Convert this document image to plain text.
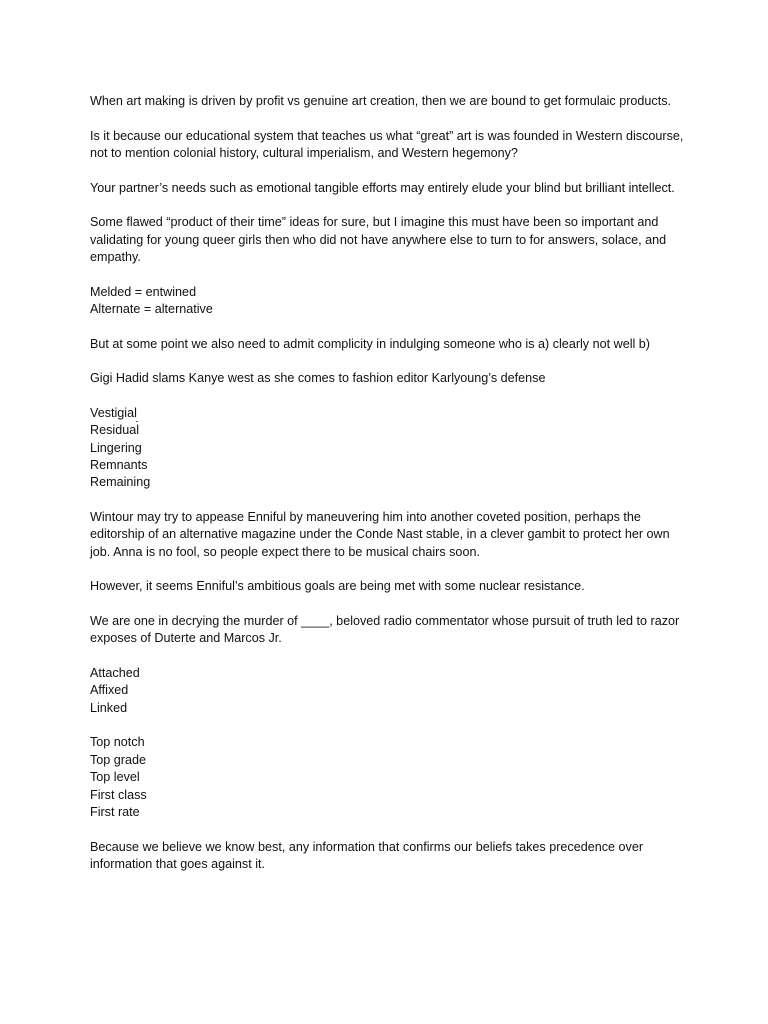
When art making is driven by profit vs genuine art creation, then we are bound to get formulaic products.

Is it because our educational system that teaches us what “great” art is was founded in Western discourse, not to mention colonial history, cultural imperialism, and Western hegemony?

Your partner’s needs such as emotional tangible efforts may entirely elude your blind but brilliant intellect.

Some flawed “product of their time” ideas for sure, but I imagine this must have been so important and validating for young queer girls then who did not have anywhere else to turn to for answers, solace, and empathy.

Melded = entwined
Alternate = alternative

But at some point we also need to admit complicity in indulging someone who is a) clearly not well b)

Gigi Hadid slams Kanye west as she comes to fashion editor Karlyoung’s defense

Vestigial
Residual
Lingering
Remnants
Remaining

Wintour may try to appease Enniful by maneuvering him into another coveted position, perhaps the editorship of an alternative magazine under the Conde Nast stable, in a clever gambit to protect her own job. Anna is no fool, so people expect there to be musical chairs soon.

However, it seems Enniful’s ambitious goals are being met with some nuclear resistance.

We are one in decrying the murder of ____, beloved radio commentator whose pursuit of truth led to razor exposes of Duterte and Marcos Jr.

Attached
Affixed
Linked
Top notch
Top grade
Top level
First class
First rate

Because we believe we know best, any information that confirms our beliefs takes precedence over information that goes against it.
